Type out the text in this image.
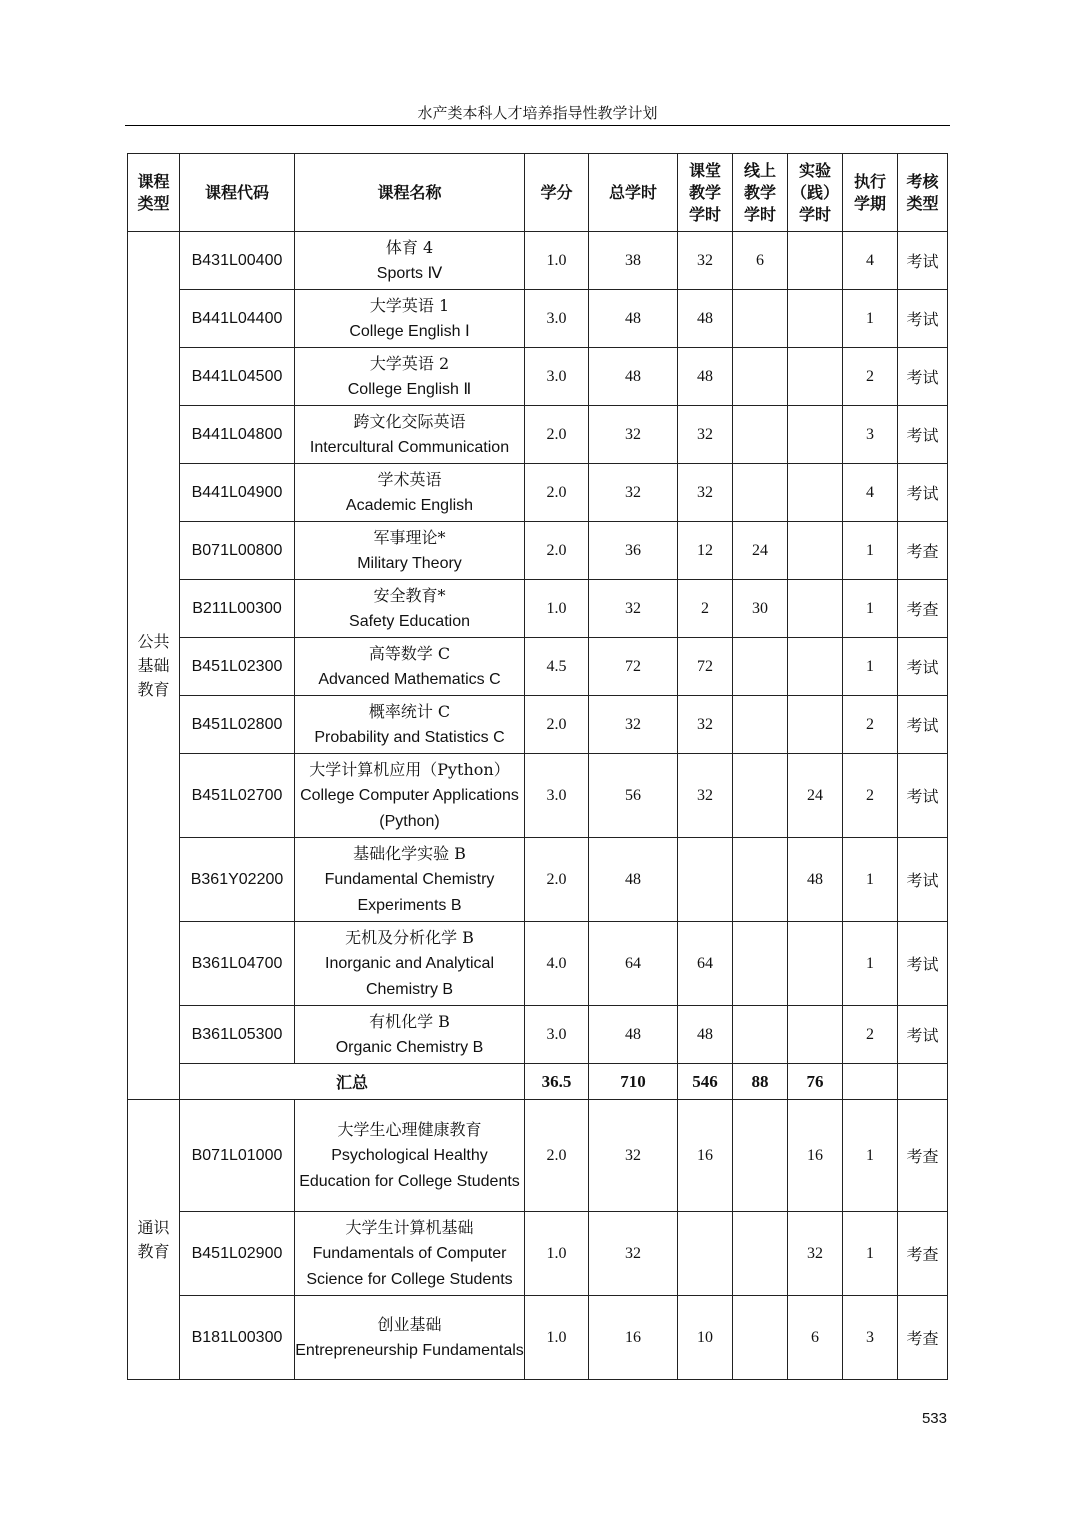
水产类本科人才培养指导性教学计划
课程
类型	课程代码	课程名称	学分	总学时	课堂
教学
学时	线上
教学
学时	实验
（践）
学时	执行
学期	考核
类型

公共
基础
教育	B431L00400	体育 4
Sports Ⅳ	1.0	38	32	6		4	考试
	B441L04400	大学英语 1
College English Ⅰ	3.0	48	48			1	考试
	B441L04500	大学英语 2
College English Ⅱ	3.0	48	48			2	考试
	B441L04800	跨文化交际英语
Intercultural Communication	2.0	32	32			3	考试
	B441L04900	学术英语
Academic English	2.0	32	32			4	考试
	B071L00800	军事理论*
Military Theory	2.0	36	12	24		1	考查
	B211L00300	安全教育*
Safety Education	1.0	32	2	30		1	考查
	B451L02300	高等数学 C
Advanced Mathematics C	4.5	72	72			1	考试
	B451L02800	概率统计 C
Probability and Statistics C	2.0	32	32			2	考试
	B451L02700	大学计算机应用（Python）
College Computer Applications (Python)	3.0	56	32		24	2	考试
	B361Y02200	基础化学实验 B
Fundamental Chemistry Experiments B	2.0	48			48	1	考试
	B361L04700	无机及分析化学 B
Inorganic and Analytical Chemistry B	4.0	64	64			1	考试
	B361L05300	有机化学 B
Organic Chemistry B	3.0	48	48			2	考试
	汇总		36.5	710	546	88	76		

通识
教育	B071L01000	大学生心理健康教育
Psychological Healthy Education for College Students	2.0	32	16		16	1	考查
	B451L02900	大学生计算机基础
Fundamentals of Computer Science for College Students	1.0	32			32	1	考查
	B181L00300	创业基础
Entrepreneurship Fundamentals	1.0	16	10		6	3	考查
533
